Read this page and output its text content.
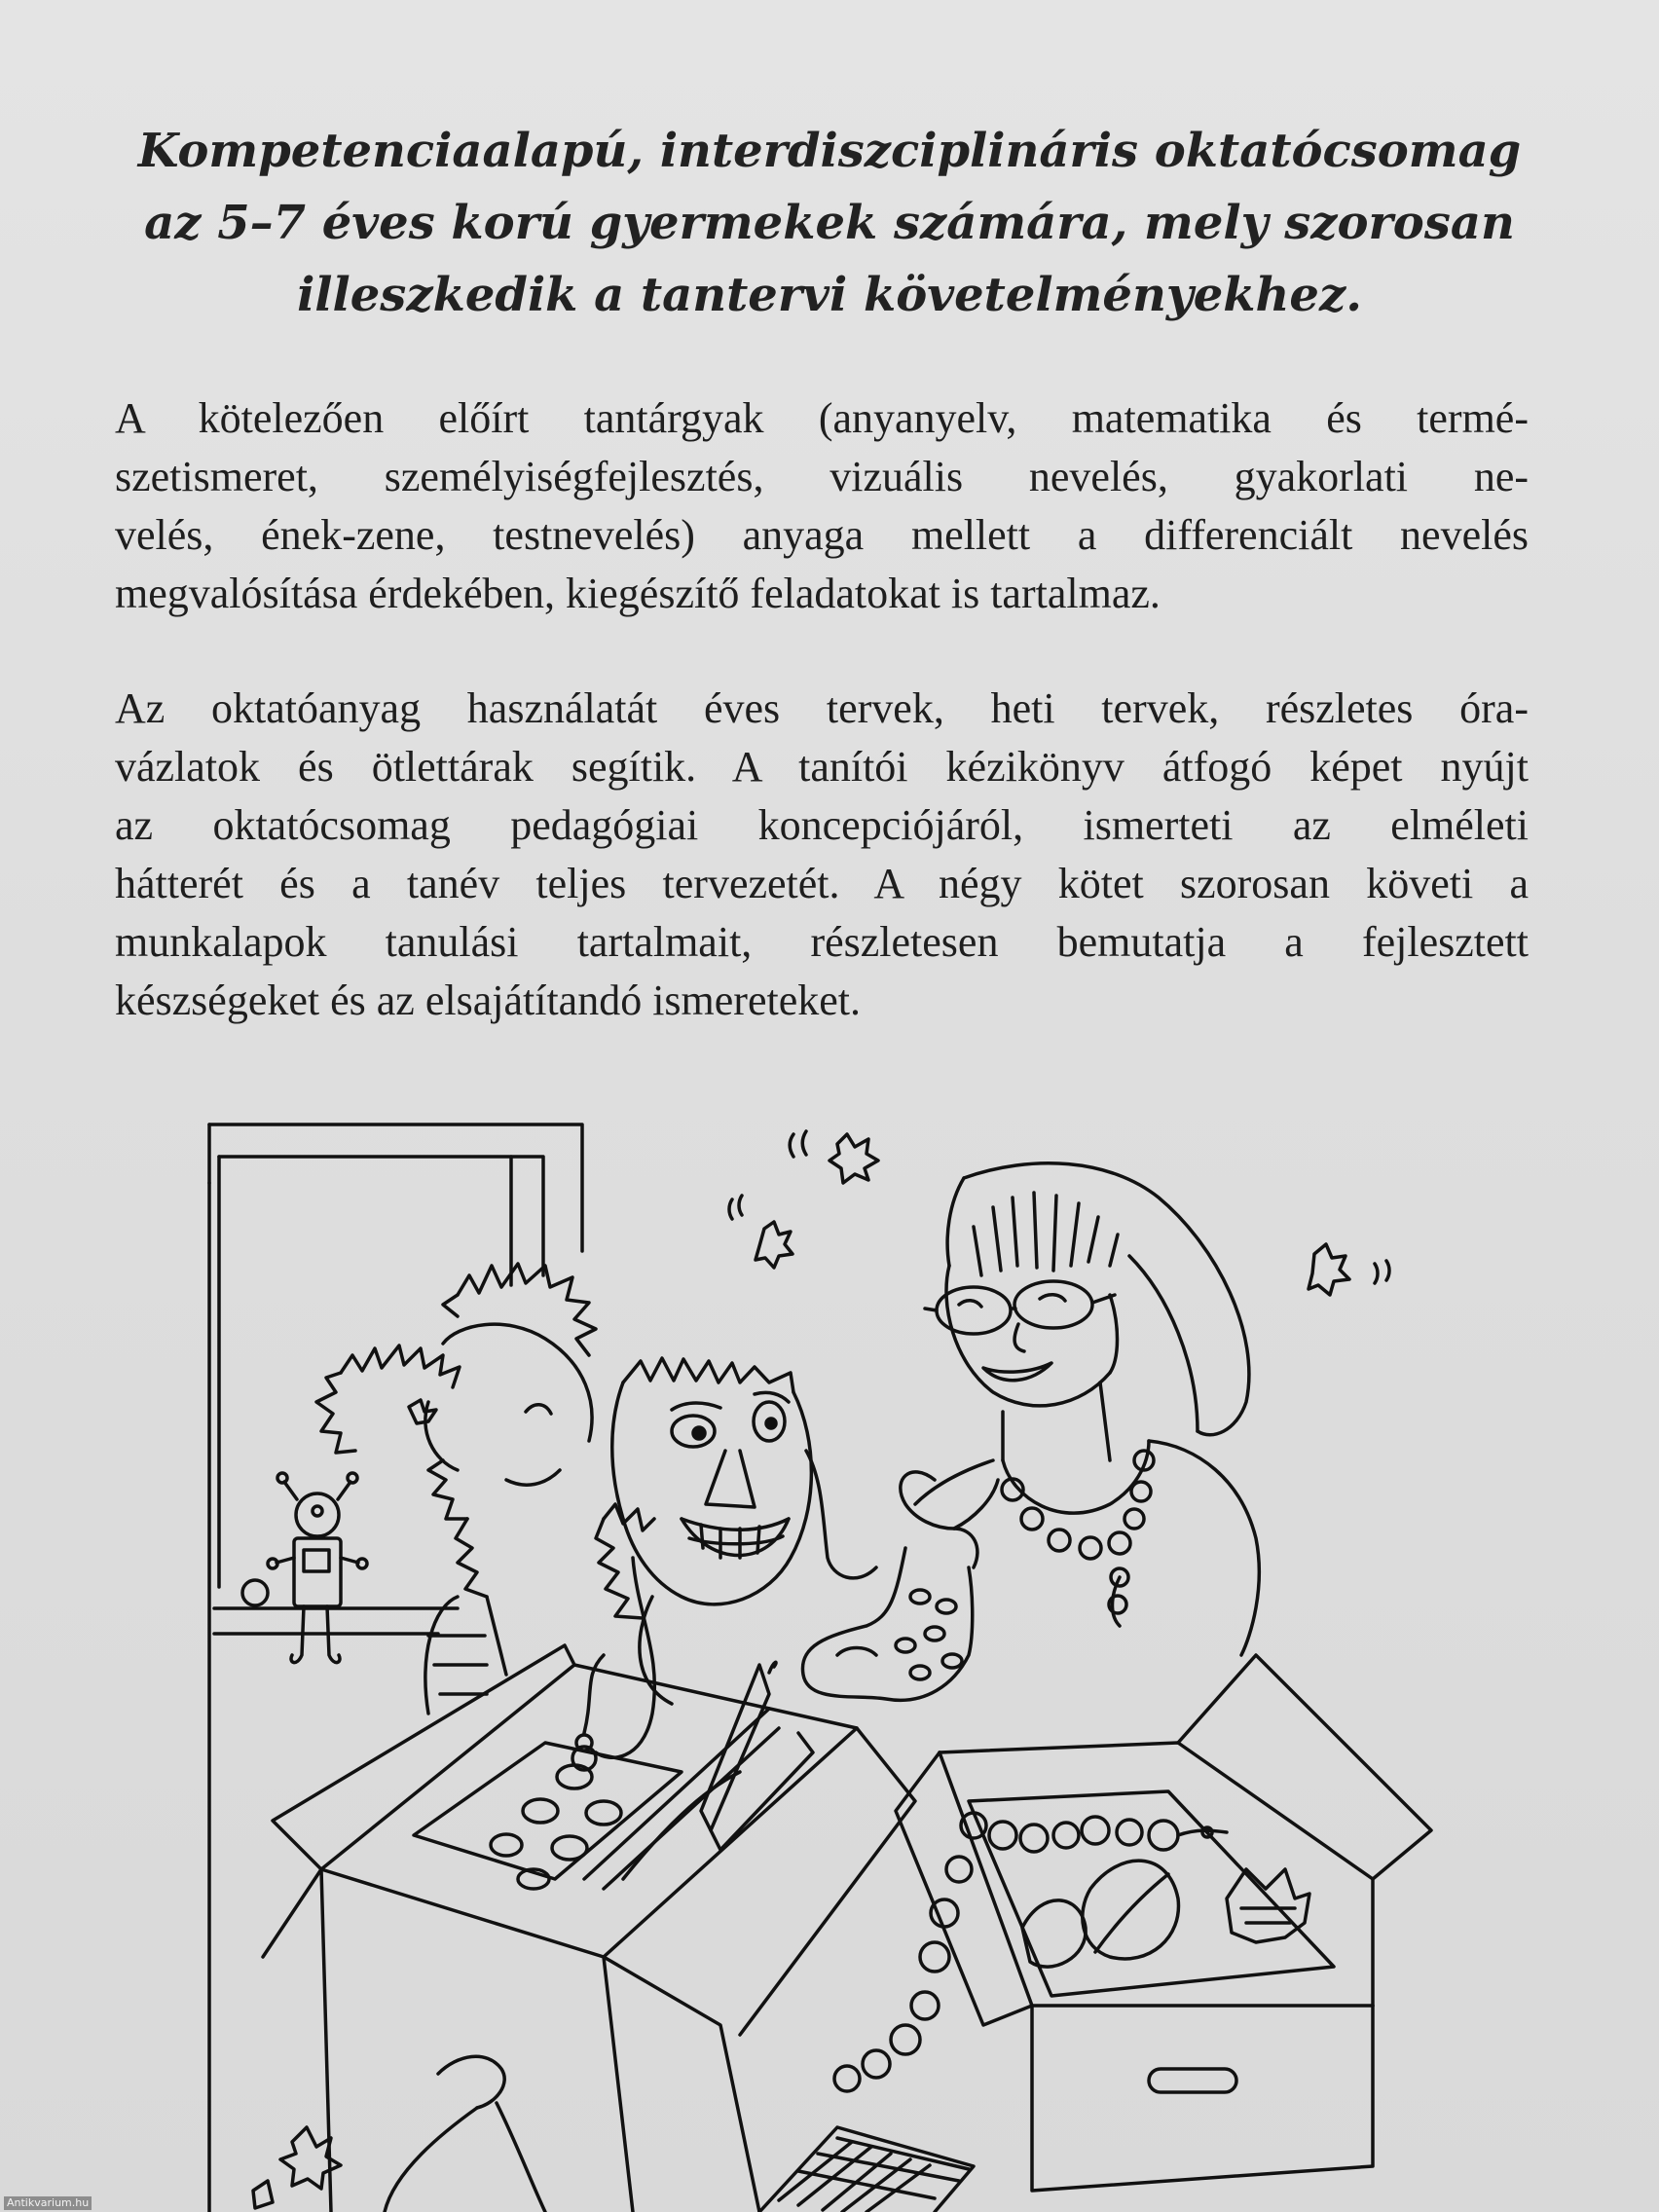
Kompetenciaalapú, interdiszciplináris oktatócsomag
az 5–7 éves korú gyermekek számára, mely szorosan
illeszkedik a tantervi követelményekhez.
A kötelezően előírt tantárgyak (anyanyelv, matematika és termé-
szetismeret, személyiségfejlesztés, vizuális nevelés, gyakorlati ne-
velés, ének-zene, testnevelés) anyaga mellett a differenciált nevelés
megvalósítása érdekében, kiegészítő feladatokat is tartalmaz.
Az oktatóanyag használatát éves tervek, heti tervek, részletes óra-
vázlatok és ötlettárak segítik. A tanítói kézikönyv átfogó képet nyújt
az oktatócsomag pedagógiai koncepciójáról, ismerteti az elméleti
hátterét és a tanév teljes tervezetét. A négy kötet szorosan követi a
munkalapok tanulási tartalmait, részletesen bemutatja a fejlesztett
készségeket és az elsajátítandó ismereteket.
Antikvarium.hu
